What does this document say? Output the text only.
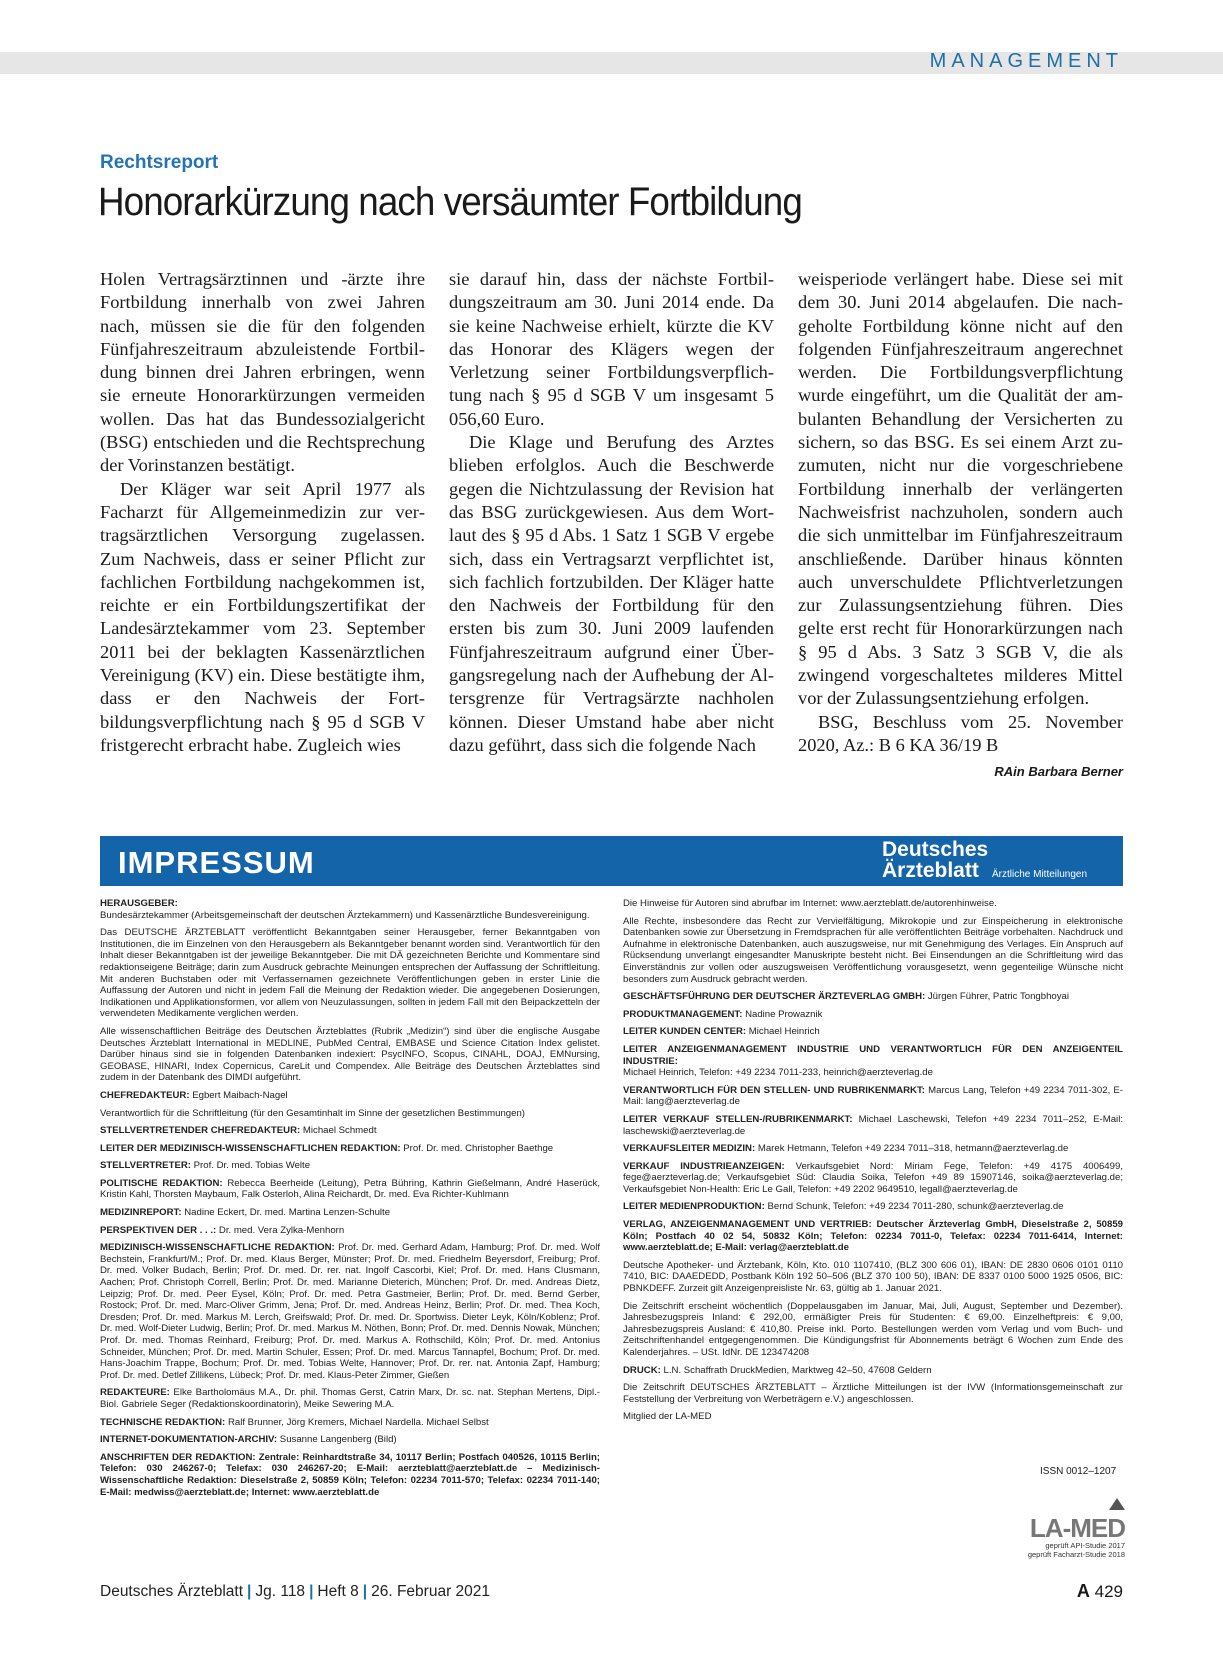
MANAGEMENT
Rechtsreport
Honorarkürzung nach versäumter Fortbildung

Holen Vertragsärztinnen und -ärzte ihre Fortbildung innerhalb von zwei Jahren nach, müssen sie die für den folgenden Fünfjahreszeitraum abzuleistende Fortbildung binnen drei Jahren erbringen, wenn sie erneute Honorarkürzungen vermeiden wollen. Das hat das Bundessozialgericht (BSG) entschieden und die Rechtsprechung der Vorinstanzen bestätigt.

Der Kläger war seit April 1977 als Facharzt für Allgemeinmedizin zur vertragsärztlichen Versorgung zugelassen. Zum Nachweis, dass er seiner Pflicht zur fachlichen Fortbildung nachgekommen ist, reichte er ein Fortbildungszertifikat der Landesärztekammer vom 23. September 2011 bei der beklagten Kassenärztlichen Vereinigung (KV) ein. Diese bestätigte ihm, dass er den Nachweis der Fortbildungsverpflichtung nach § 95 d SGB V fristgerecht erbracht habe. Zugleich wies

sie darauf hin, dass der nächste Fortbildungszeitraum am 30. Juni 2014 ende. Da sie keine Nachweise erhielt, kürzte die KV das Honorar des Klägers wegen der Verletzung seiner Fortbildungsverpflichtung nach § 95 d SGB V um insgesamt 5 056,60 Euro.

Die Klage und Berufung des Arztes blieben erfolglos. Auch die Beschwerde gegen die Nichtzulassung der Revision hat das BSG zurückgewiesen. Aus dem Wortlaut des § 95 d Abs. 1 Satz 1 SGB V ergebe sich, dass ein Vertragsarzt verpflichtet ist, sich fachlich fortzubilden. Der Kläger hatte den Nachweis der Fortbildung für den ersten bis zum 30. Juni 2009 laufenden Fünfjahreszeitraum aufgrund einer Übergangsregelung nach der Aufhebung der Altersgrenze für Vertragsärzte nachholen können. Dieser Umstand habe aber nicht dazu geführt, dass sich die folgende Nach

weisperiode verlängert habe. Diese sei mit dem 30. Juni 2014 abgelaufen. Die nachgeholte Fortbildung könne nicht auf den folgenden Fünfjahreszeitraum angerechnet werden. Die Fortbildungsverpflichtung wurde eingeführt, um die Qualität der ambulanten Behandlung der Versicherten zu sichern, so das BSG. Es sei einem Arzt zuzumuten, nicht nur die vorgeschriebene Fortbildung innerhalb der verlängerten Nachweisfrist nachzuholen, sondern auch die sich unmittelbar im Fünfjahreszeitraum anschließende. Darüber hinaus könnten auch unverschuldete Pflichtverletzungen zur Zulassungsentziehung führen. Dies gelte erst recht für Honorarkürzungen nach § 95 d Abs. 3 Satz 3 SGB V, die als zwingend vorgeschaltetes milderes Mittel vor der Zulassungsentziehung erfolgen.

BSG, Beschluss vom 25. November 2020, Az.: B 6 KA 36/19 B
RAin Barbara Berner

IMPRESSUM	Deutsches
Ärzteblatt	Ärztliche Mitteilungen

HERAUSGEBER:
Bundesärztekammer (Arbeitsgemeinschaft der deutschen Ärztekammern) und Kassenärztliche Bundesvereinigung.

Das DEUTSCHE ÄRZTEBLATT veröffentlicht Bekanntgaben seiner Herausgeber, ferner Bekanntgaben von Institutionen, die im Einzelnen von den Herausgebern als Bekanntgeber benannt worden sind. Verantwortlich für den Inhalt dieser Bekanntgaben ist der jeweilige Bekanntgeber. Die mit DÄ gezeichneten Berichte und Kommentare sind redaktionseigene Beiträge; darin zum Ausdruck gebrachte Meinungen entsprechen der Auffassung der Schriftleitung. Mit anderen Buchstaben oder mit Verfassernamen gezeichnete Veröffentlichungen geben in erster Linie die Auffassung der Autoren und nicht in jedem Fall die Meinung der Redaktion wieder. Die angegebenen Dosierungen, Indikationen und Applikationsformen, vor allem von Neuzulassungen, sollten in jedem Fall mit den Beipackzetteln der verwendeten Medikamente verglichen werden.

Alle wissenschaftlichen Beiträge des Deutschen Ärzteblattes (Rubrik „Medizin“) sind über die englische Ausgabe Deutsches Ärzteblatt International in MEDLINE, PubMed Central, EMBASE und Science Citation Index gelistet. Darüber hinaus sind sie in folgenden Datenbanken indexiert: PsycINFO, Scopus, CINAHL, DOAJ, EMNursing, GEOBASE, HINARI, Index Copernicus, CareLit und Compendex. Alle Beiträge des Deutschen Ärzteblattes sind zudem in der Datenbank des DIMDI aufgeführt.

CHEFREDAKTEUR: Egbert Maibach-Nagel

Verantwortlich für die Schriftleitung (für den Gesamtinhalt im Sinne der gesetzlichen Bestimmungen)

STELLVERTRETENDER CHEFREDAKTEUR: Michael Schmedt

LEITER DER MEDIZINISCH-WISSENSCHAFTLICHEN REDAKTION: Prof. Dr. med. Christopher Baethge

STELLVERTRETER: Prof. Dr. med. Tobias Welte

POLITISCHE REDAKTION: Rebecca Beerheide (Leitung), Petra Bühring, Kathrin Gießelmann, André Haserück, Kristin Kahl, Thorsten Maybaum, Falk Osterloh, Alina Reichardt, Dr. med. Eva Richter-Kuhlmann

MEDIZINREPORT: Nadine Eckert, Dr. med. Martina Lenzen-Schulte

PERSPEKTIVEN DER . . .: Dr. med. Vera Zylka-Menhorn

MEDIZINISCH-WISSENSCHAFTLICHE REDAKTION: Prof. Dr. med. Gerhard Adam, Hamburg; Prof. Dr. med. Wolf Bechstein, Frankfurt/M.; Prof. Dr. med. Klaus Berger, Münster; Prof. Dr. med. Friedhelm Beyersdorf, Freiburg; Prof. Dr. med. Volker Budach, Berlin; Prof. Dr. med. Dr. rer. nat. Ingolf Cascorbi, Kiel; Prof. Dr. med. Hans Clusmann, Aachen; Prof. Christoph Correll, Berlin; Prof. Dr. med. Marianne Dieterich, München; Prof. Dr. med. Andreas Dietz, Leipzig; Prof. Dr. med. Peer Eysel, Köln; Prof. Dr. med. Petra Gastmeier, Berlin; Prof. Dr. med. Bernd Gerber, Rostock; Prof. Dr. med. Marc-Oliver Grimm, Jena; Prof. Dr. med. Andreas Heinz, Berlin; Prof. Dr. med. Thea Koch, Dresden; Prof. Dr. med. Markus M. Lerch, Greifswald; Prof. Dr. med. Dr. Sportwiss. Dieter Leyk, Köln/Koblenz; Prof. Dr. med. Wolf-Dieter Ludwig, Berlin; Prof. Dr. med. Markus M. Nöthen, Bonn; Prof. Dr. med. Dennis Nowak, München; Prof. Dr. med. Thomas Reinhard, Freiburg; Prof. Dr. med. Markus A. Rothschild, Köln; Prof. Dr. med. Antonius Schneider, München; Prof. Dr. med. Martin Schuler, Essen; Prof. Dr. med. Marcus Tannapfel, Bochum; Prof. Dr. med. Hans-Joachim Trappe, Bochum; Prof. Dr. med. Tobias Welte, Hannover; Prof. Dr. rer. nat. Antonia Zapf, Hamburg; Prof. Dr. med. Detlef Zillikens, Lübeck; Prof. Dr. med. Klaus-Peter Zimmer, Gießen

REDAKTEURE: Elke Bartholomäus M.A., Dr. phil. Thomas Gerst, Catrin Marx, Dr. sc. nat. Stephan Mertens, Dipl.-Biol. Gabriele Seger (Redaktionskoordinatorin), Meike Sewering M.A.

TECHNISCHE REDAKTION: Ralf Brunner, Jörg Kremers, Michael Nardella. Michael Selbst

INTERNET-DOKUMENTATION-ARCHIV: Susanne Langenberg (Bild)

ANSCHRIFTEN DER REDAKTION: Zentrale: Reinhardtstraße 34, 10117 Berlin; Postfach 040526, 10115 Berlin; Telefon: 030 246267-0; Telefax: 030 246267-20; E-Mail: aerzteblatt@aerzteblatt.de – Medizinisch-Wissenschaftliche Redaktion: Dieselstraße 2, 50859 Köln; Telefon: 02234 7011-570; Telefax: 02234 7011-140; E-Mail: medwiss@aerzteblatt.de; Internet: www.aerzteblatt.de

Die Hinweise für Autoren sind abrufbar im Internet: www.aerzteblatt.de/autorenhinweise.

Alle Rechte, insbesondere das Recht zur Vervielfältigung, Mikrokopie und zur Einspeicherung in elektronische Datenbanken sowie zur Übersetzung in Fremdsprachen für alle veröffentlichten Beiträge vorbehalten. Nachdruck und Aufnahme in elektronische Datenbanken, auch auszugsweise, nur mit Genehmigung des Verlages. Ein Anspruch auf Rücksendung unverlangt eingesandter Manuskripte besteht nicht. Bei Einsendungen an die Schriftleitung wird das Einverständnis zur vollen oder auszugsweisen Veröffentlichung vorausgesetzt, wenn gegenteilige Wünsche nicht besonders zum Ausdruck gebracht werden.

GESCHÄFTSFÜHRUNG DER DEUTSCHER ÄRZTEVERLAG GMBH: Jürgen Führer, Patric Tongbhoyai

PRODUKTMANAGEMENT: Nadine Prowaznik

LEITER KUNDEN CENTER: Michael Heinrich

LEITER ANZEIGENMANAGEMENT INDUSTRIE UND VERANTWORTLICH FÜR DEN ANZEIGENTEIL INDUSTRIE:
Michael Heinrich, Telefon: +49 2234 7011-233, heinrich@aerzteverlag.de

VERANTWORTLICH FÜR DEN STELLEN- UND RUBRIKENMARKT: Marcus Lang, Telefon +49 2234 7011-302, E-Mail: lang@aerzteverlag.de

LEITER VERKAUF STELLEN-/RUBRIKENMARKT: Michael Laschewski, Telefon +49 2234 7011–252, E-Mail: laschewski@aerzteverlag.de

VERKAUFSLEITER MEDIZIN: Marek Hetmann, Telefon +49 2234 7011–318, hetmann@aerzteverlag.de

VERKAUF INDUSTRIEANZEIGEN: Verkaufsgebiet Nord: Miriam Fege, Telefon: +49 4175 4006499, fege@aerzteverlag.de; Verkaufsgebiet Süd: Claudia Soika, Telefon +49 89 15907146, soika@aerzteverlag.de; Verkaufsgebiet Non-Health: Eric Le Gall, Telefon: +49 2202 9649510, legall@aerzteverlag.de

LEITER MEDIENPRODUKTION: Bernd Schunk, Telefon: +49 2234 7011-280, schunk@aerzteverlag.de

VERLAG, ANZEIGENMANAGEMENT UND VERTRIEB: Deutscher Ärzteverlag GmbH, Dieselstraße 2, 50859 Köln; Postfach 40 02 54, 50832 Köln; Telefon: 02234 7011-0, Telefax: 02234 7011-6414, Internet: www.aerzteblatt.de; E-Mail: verlag@aerzteblatt.de

Deutsche Apotheker- und Ärztebank, Köln, Kto. 010 1107410, (BLZ 300 606 01), IBAN: DE 2830 0606 0101 0110 7410, BIC: DAAEDEDD, Postbank Köln 192 50–506 (BLZ 370 100 50), IBAN: DE 8337 0100 5000 1925 0506, BIC: PBNKDEFF. Zurzeit gilt Anzeigenpreisliste Nr. 63, gültig ab 1. Januar 2021.

Die Zeitschrift erscheint wöchentlich (Doppelausgaben im Januar, Mai, Juli, August, September und Dezember). Jahresbezugspreis Inland: € 292,00, ermäßigter Preis für Studenten: € 69,00. Einzelheftpreis: € 9,00, Jahresbezugspreis Ausland: € 410,80. Preise inkl. Porto. Bestellungen werden vom Verlag und vom Buch- und Zeitschriftenhandel entgegengenommen. Die Kündigungsfrist für Abonnements beträgt 6 Wochen zum Ende des Kalenderjahres. – USt. IdNr. DE 123474208

DRUCK: L.N. Schaffrath DruckMedien, Marktweg 42–50, 47608 Geldern

Die Zeitschrift DEUTSCHES ÄRZTEBLATT – Ärztliche Mitteilungen ist der IVW (Informationsgemeinschaft zur Feststellung der Verbreitung von Werbeträgern e.V.) angeschlossen.

Mitglied der LA-MED

ISSN 0012–1207
LA-MED
geprüft API-Studie 2017
geprüft Facharzt-Studie 2018
Deutsches Ärzteblatt | Jg. 118 | Heft 8 | 26. Februar 2021	A 429
